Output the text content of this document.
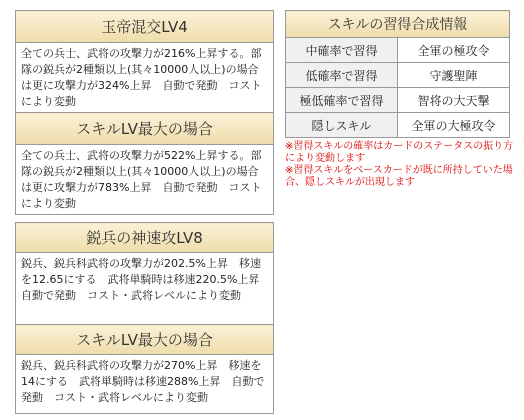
玉帝混交LV4
全ての兵士、武将の攻撃力が216%上昇する。部隊の鋭兵が2種類以上(其々10000人以上)の場合は更に攻撃力が324%上昇　自動で発動　コストにより変動
スキルLV最大の場合
全ての兵士、武将の攻撃力が522%上昇する。部隊の鋭兵が2種類以上(其々10000人以上)の場合は更に攻撃力が783%上昇　自動で発動　コストにより変動
スキルの習得合成情報	
中確率で習得	全軍の極攻令
低確率で習得	守護聖陣
極低確率で習得	智将の大天撃
隠しスキル	全軍の大極攻令
※習得スキルの確率はカードのステータスの振り方により変動します
※習得スキルをベースカードが既に所持していた場合、隠しスキルが出現します
鋭兵の神速攻LV8
鋭兵、鋭兵科武将の攻撃力が202.5%上昇　移速を12.65にする　武将単騎時は移速220.5%上昇　自動で発動　コスト・武将レベルにより変動
スキルLV最大の場合
鋭兵、鋭兵科武将の攻撃力が270%上昇　移速を14にする　武将単騎時は移速288%上昇　自動で発動　コスト・武将レベルにより変動
